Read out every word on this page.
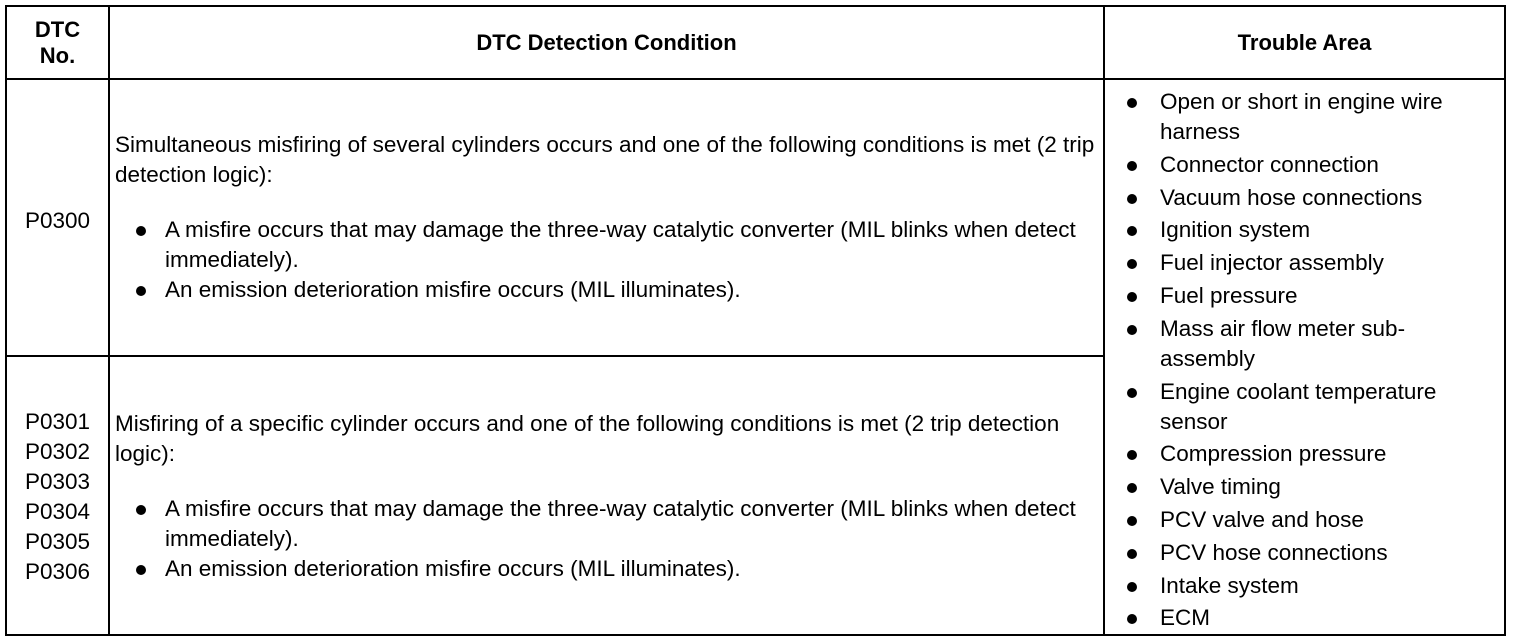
DTC
No.
DTC Detection Condition	Trouble Area
P0300

Simultaneous misfiring of several cylinders occurs and one of the following conditions is met (2 trip detection logic):

A misfire occurs that may damage the three-way catalytic converter (MIL blinks when detect immediately).
An emission deterioration misfire occurs (MIL illuminates).
P0301
P0302
P0303
P0304
P0305
P0306

Misfiring of a specific cylinder occurs and one of the following conditions is met (2 trip detection logic):

A misfire occurs that may damage the three-way catalytic converter (MIL blinks when detect immediately).
An emission deterioration misfire occurs (MIL illuminates).
Open or short in engine wire harness
Connector connection
Vacuum hose connections
Ignition system
Fuel injector assembly
Fuel pressure
Mass air flow meter sub-assembly
Engine coolant temperature sensor
Compression pressure
Valve timing
PCV valve and hose
PCV hose connections
Intake system
ECM
